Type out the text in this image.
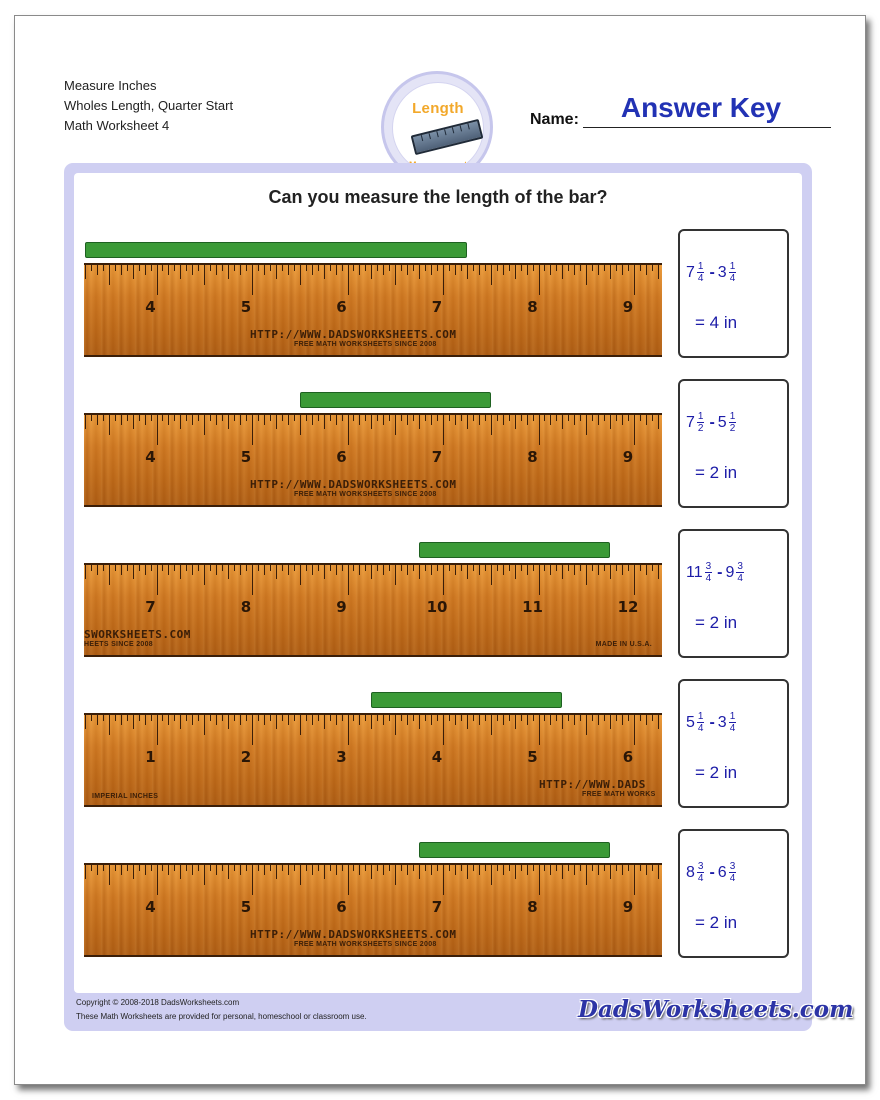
Measure Inches
Wholes Length, Quarter Start
Math Worksheet 4
Length
Name:	Answer Key
Can you measure the length of the bar?
4	5	6	7	8	9
HTTP://WWW.DADSWORKSHEETS.COM
FREE MATH WORKSHEETS SINCE 2008
$7 \frac{1}{4} - 3 \frac{1}{4}$
= 4 in
4	5	6	7	8	9
HTTP://WWW.DADSWORKSHEETS.COM
FREE MATH WORKSHEETS SINCE 2008
$7 \frac{1}{2} - 5 \frac{1}{2}$
= 2 in
7	8	9	10	11	12
SWORKSHEETS.COM
HEETS SINCE 2008	MADE IN U.S.A.
$11 \frac{3}{4} - 9 \frac{3}{4}$
= 2 in
1	2	3	4	5	6
HTTP://WWW.DADS
FREE MATH WORKS
IMPERIAL INCHES
$5 \frac{1}{4} - 3 \frac{1}{4}$
= 2 in
4	5	6	7	8	9
HTTP://WWW.DADSWORKSHEETS.COM
FREE MATH WORKSHEETS SINCE 2008
$8 \frac{3}{4} - 6 \frac{3}{4}$
= 2 in
Copyright © 2008-2018 DadsWorksheets.com
These Math Worksheets are provided for personal, homeschool or classroom use.	DadsWorksheets.com
